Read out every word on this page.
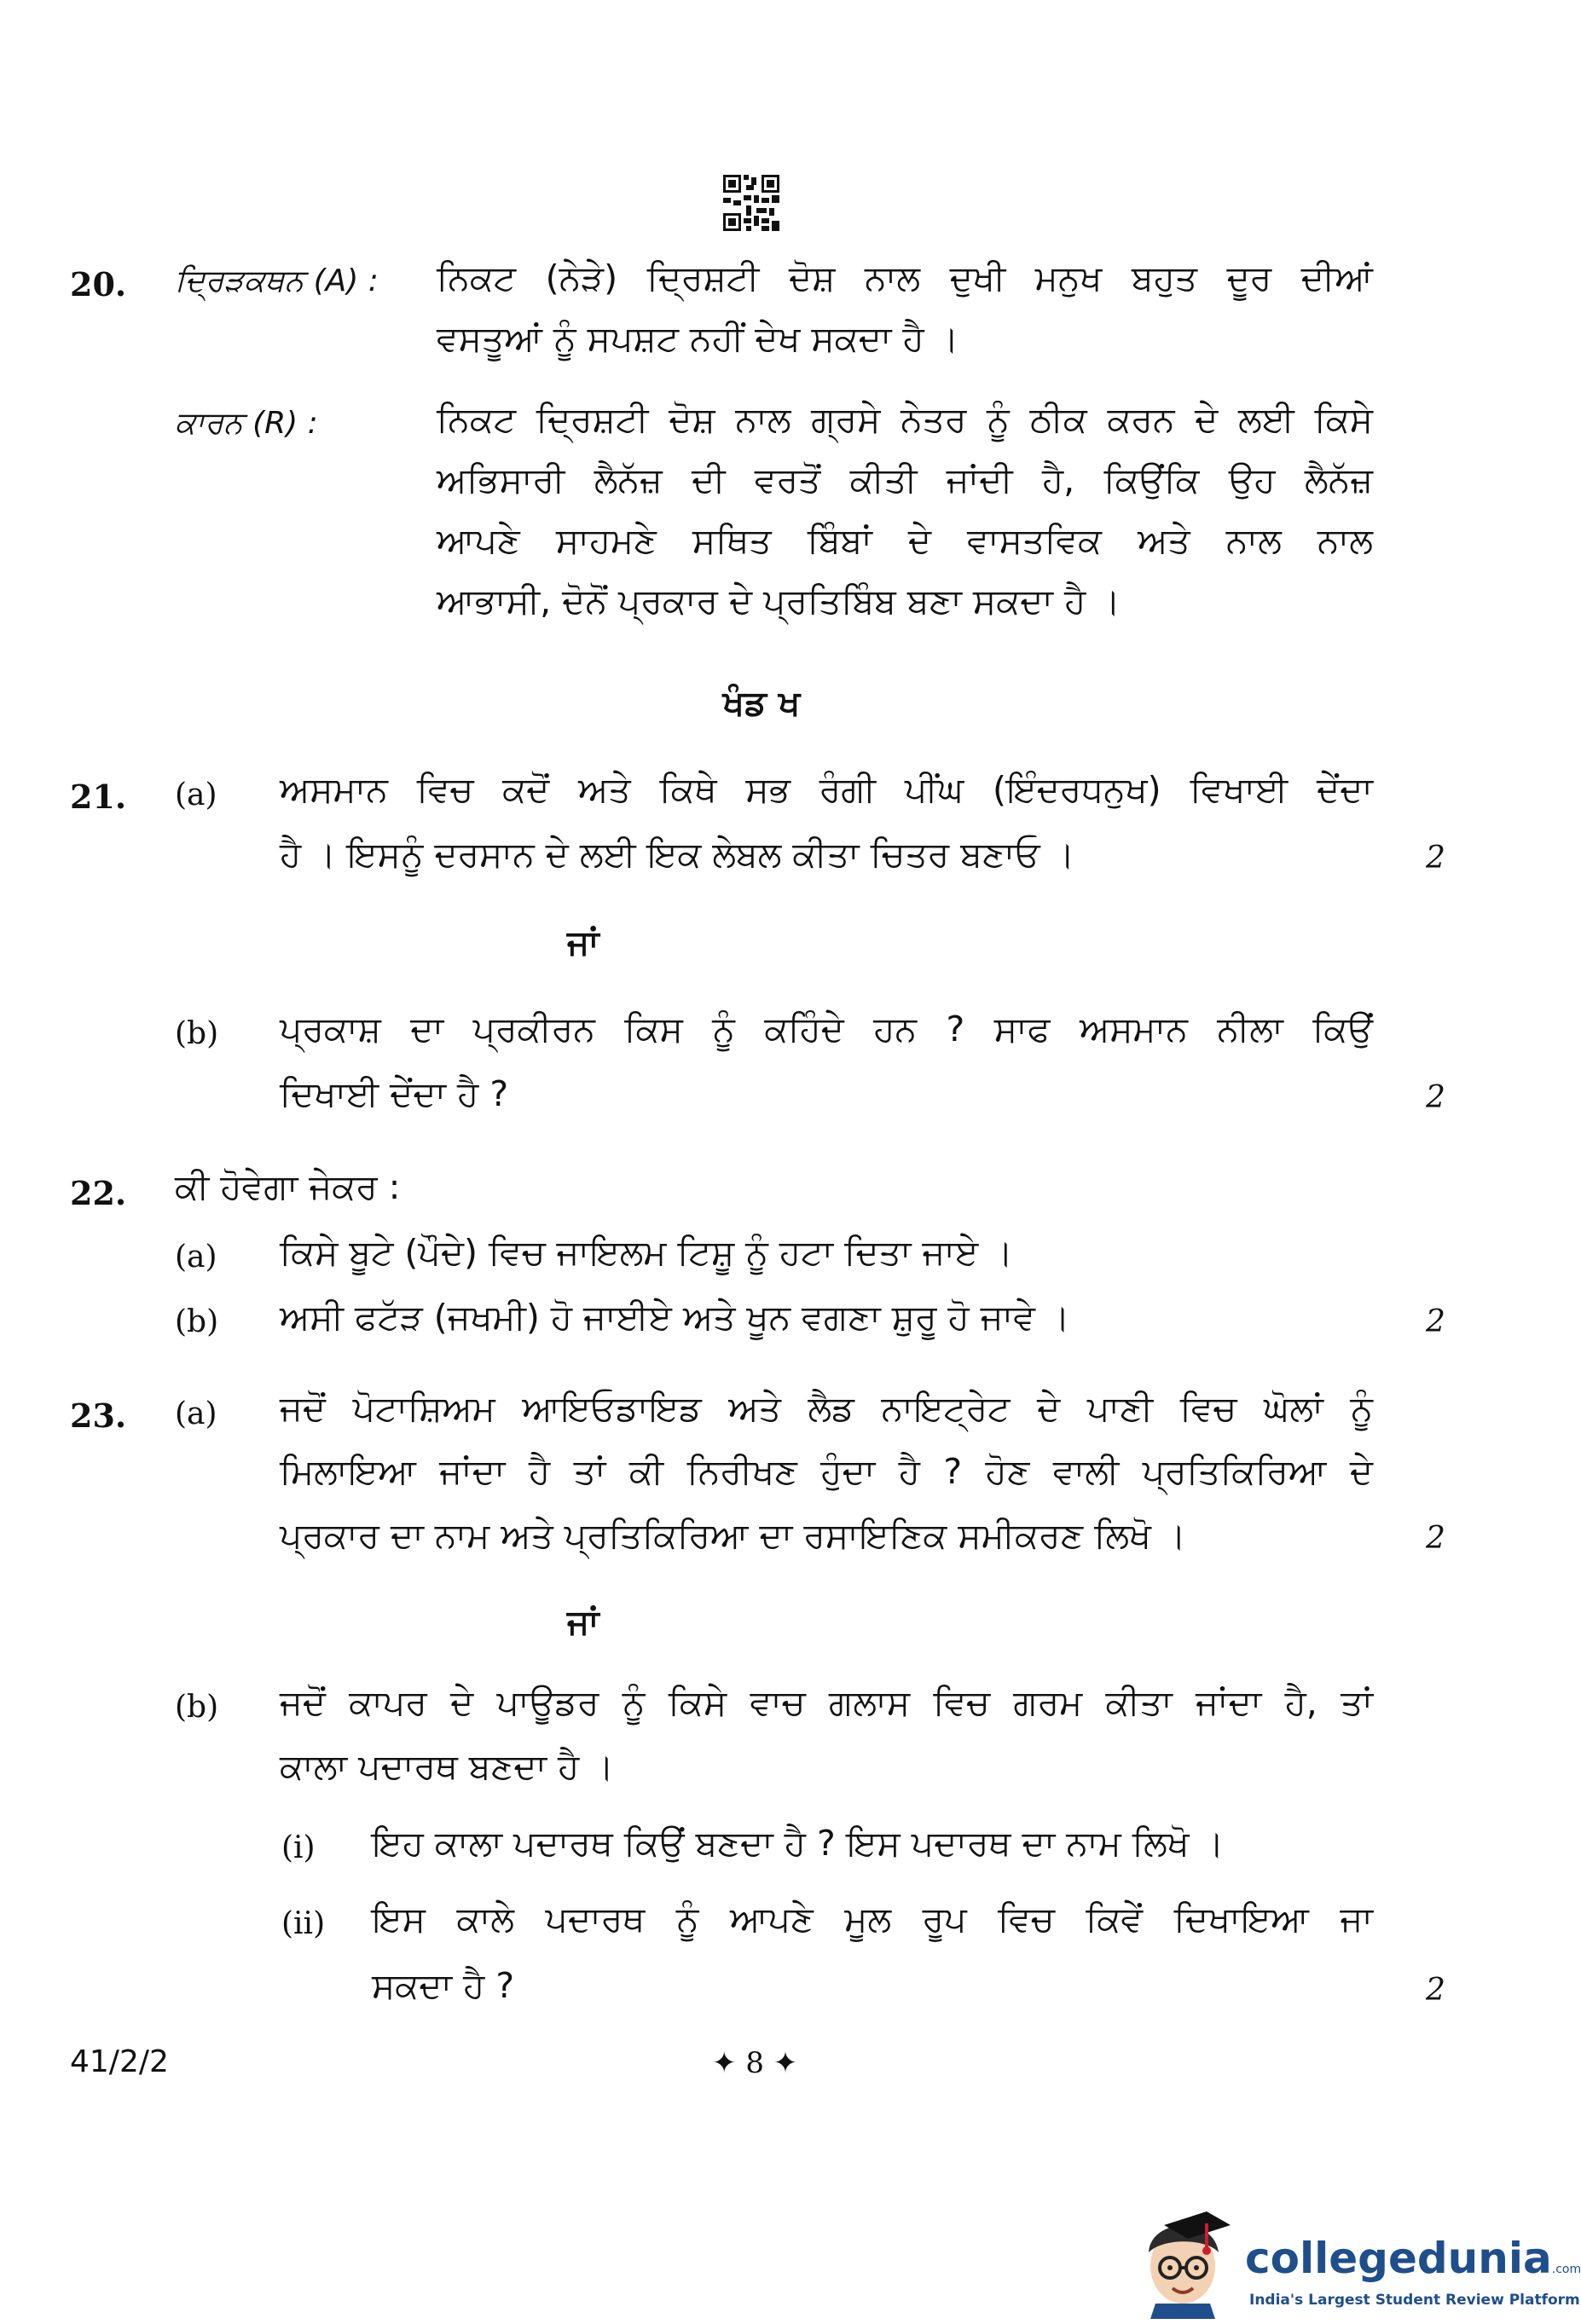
20. ਦ੍ਰਿੜਕਥਨ (A) : ਨਿਕਟ (ਨੇੜੇ) ਦ੍ਰਿਸ਼ਟੀ ਦੋਸ਼ ਨਾਲ ਦੁਖੀ ਮਨੁਖ ਬਹੁਤ ਦੂਰ ਦੀਆਂ
ਵਸਤੂਆਂ ਨੂੰ ਸਪਸ਼ਟ ਨਹੀਂ ਦੇਖ ਸਕਦਾ ਹੈ ।
ਕਾਰਨ (R) :	ਨਿਕਟ ਦ੍ਰਿਸ਼ਟੀ ਦੋਸ਼ ਨਾਲ ਗ੍ਰਸੇ ਨੇਤਰ ਨੂੰ ਠੀਕ ਕਰਨ ਦੇ ਲਈ ਕਿਸੇ
ਅਭਿਸਾਰੀ ਲੈਨੱਜ਼ ਦੀ ਵਰਤੋਂ ਕੀਤੀ ਜਾਂਦੀ ਹੈ, ਕਿਉਂਕਿ ਉਹ ਲੈਨੱਜ਼
ਆਪਣੇ ਸਾਹਮਣੇ ਸਥਿਤ ਬਿੰਬਾਂ ਦੇ ਵਾਸਤਵਿਕ ਅਤੇ ਨਾਲ ਨਾਲ
ਆਭਾਸੀ, ਦੋਨੋਂ ਪ੍ਰਕਾਰ ਦੇ ਪ੍ਰਤਿਬਿੰਬ ਬਣਾ ਸਕਦਾ ਹੈ ।
ਖੰਡ ਖ
21. (a) ਅਸਮਾਨ ਵਿਚ ਕਦੋਂ ਅਤੇ ਕਿਥੇ ਸਭ ਰੰਗੀ ਪੀਂਘ (ਇੰਦਰਧਨੁਖ) ਵਿਖਾਈ ਦੇਂਦਾ
ਹੈ । ਇਸਨੂੰ ਦਰਸਾਨ ਦੇ ਲਈ ਇਕ ਲੇਬਲ ਕੀਤਾ ਚਿਤਰ ਬਣਾਓ ।	2
ਜਾਂ
(b) ਪ੍ਰਕਾਸ਼ ਦਾ ਪ੍ਰਕੀਰਨ ਕਿਸ ਨੂੰ ਕਹਿੰਦੇ ਹਨ ? ਸਾਫ ਅਸਮਾਨ ਨੀਲਾ ਕਿਉਂ
ਦਿਖਾਈ ਦੇਂਦਾ ਹੈ ?	2
22. ਕੀ ਹੋਵੇਗਾ ਜੇਕਰ :
(a) ਕਿਸੇ ਬੂਟੇ (ਪੌਦੇ) ਵਿਚ ਜਾਇਲਮ ਟਿਸ਼ੂ ਨੂੰ ਹਟਾ ਦਿਤਾ ਜਾਏ ।
(b) ਅਸੀ ਫਟੱੜ (ਜਖਮੀ) ਹੋ ਜਾਈਏ ਅਤੇ ਖੂਨ ਵਗਣਾ ਸ਼ੁਰੂ ਹੋ ਜਾਵੇ ।	2
23. (a) ਜਦੋਂ ਪੋਟਾਸ਼ਿਅਮ ਆਇਓਡਾਇਡ ਅਤੇ ਲੈਡ ਨਾਇਟ੍ਰੇਟ ਦੇ ਪਾਣੀ ਵਿਚ ਘੋਲਾਂ ਨੂੰ
ਮਿਲਾਇਆ ਜਾਂਦਾ ਹੈ ਤਾਂ ਕੀ ਨਿਰੀਖਣ ਹੁੰਦਾ ਹੈ ? ਹੋਣ ਵਾਲੀ ਪ੍ਰਤਿਕਿਰਿਆ ਦੇ
ਪ੍ਰਕਾਰ ਦਾ ਨਾਮ ਅਤੇ ਪ੍ਰਤਿਕਿਰਿਆ ਦਾ ਰਸਾਇਣਿਕ ਸਮੀਕਰਣ ਲਿਖੋ ।	2
ਜਾਂ
(b) ਜਦੋਂ ਕਾਪਰ ਦੇ ਪਾਊਡਰ ਨੂੰ ਕਿਸੇ ਵਾਚ ਗਲਾਸ ਵਿਚ ਗਰਮ ਕੀਤਾ ਜਾਂਦਾ ਹੈ, ਤਾਂ
ਕਾਲਾ ਪਦਾਰਥ ਬਣਦਾ ਹੈ ।
(i) ਇਹ ਕਾਲਾ ਪਦਾਰਥ ਕਿਉਂ ਬਣਦਾ ਹੈ ? ਇਸ ਪਦਾਰਥ ਦਾ ਨਾਮ ਲਿਖੋ ।
(ii) ਇਸ ਕਾਲੇ ਪਦਾਰਥ ਨੂੰ ਆਪਣੇ ਮੂਲ ਰੂਪ ਵਿਚ ਕਿਵੇਂ ਦਿਖਾਇਆ ਜਾ
ਸਕਦਾ ਹੈ ?	2
41/2/2	✦ 8 ✦
collegedunia.com
India's Largest Student Review Platform
